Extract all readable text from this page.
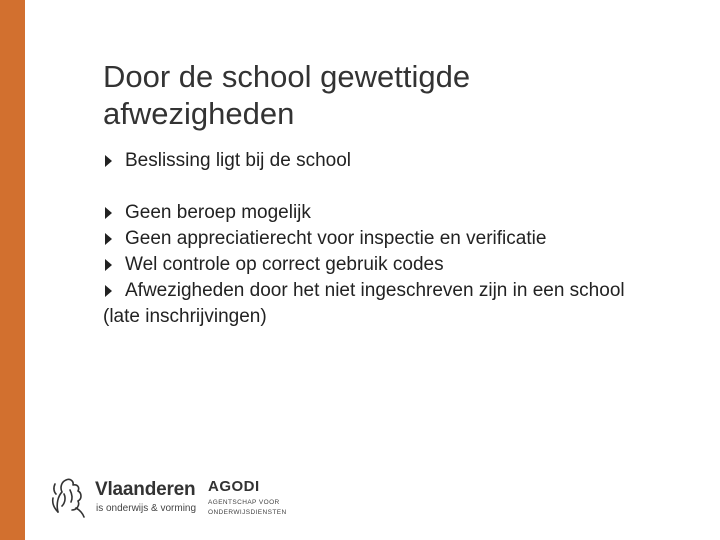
Door de school gewettigde afwezigheden
Beslissing ligt bij de school
Geen beroep mogelijk
Geen appreciatierecht voor inspectie en verificatie
Wel controle op correct gebruik codes
Afwezigheden door het niet ingeschreven zijn in een school (late inschrijvingen)
Vlaanderen
is onderwijs & vorming
AGODI
AGENTSCHAP VOOR
ONDERWIJSDIENSTEN
